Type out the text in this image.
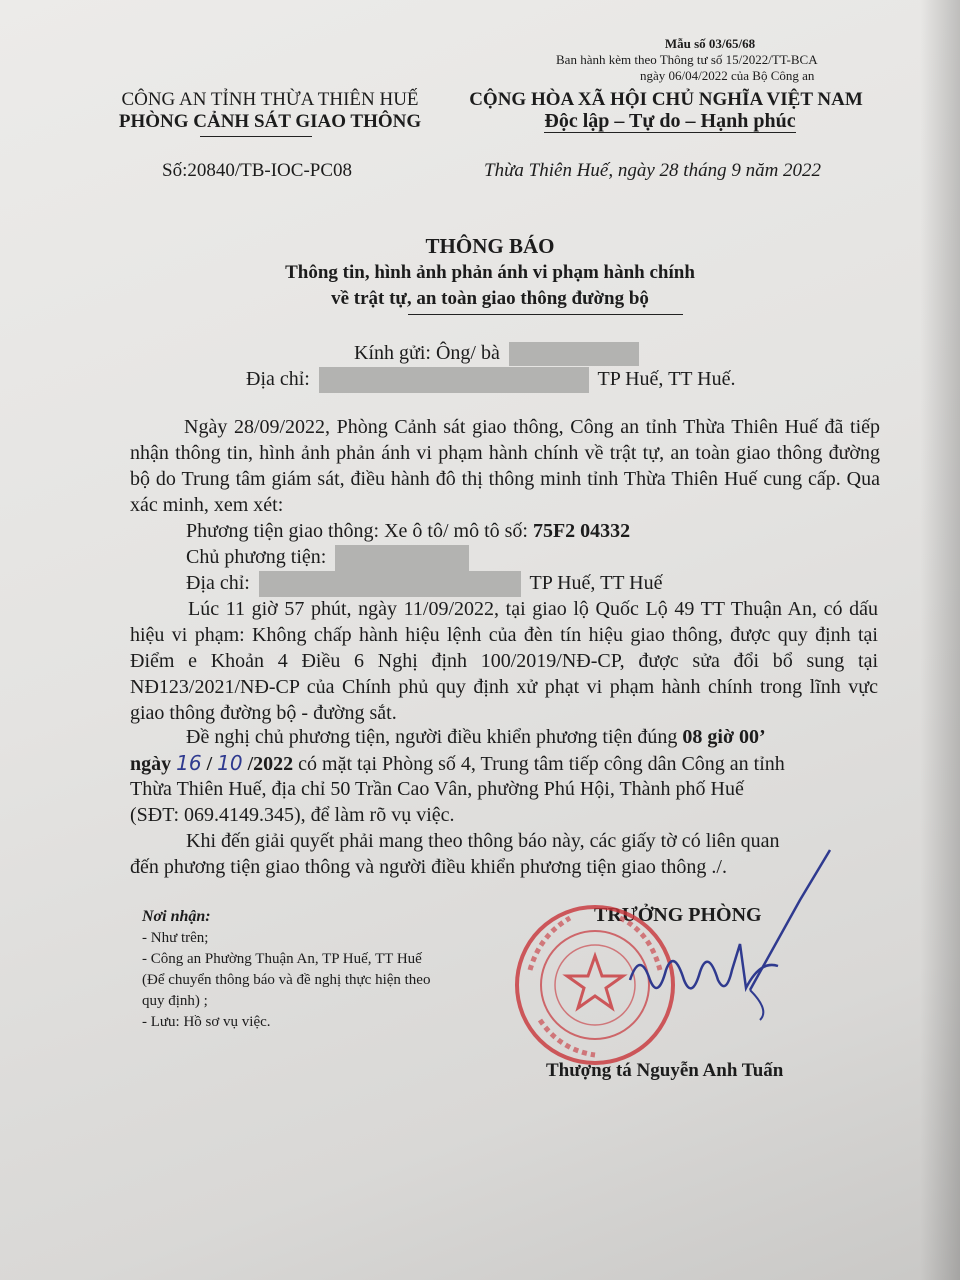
Mẫu số 03/65/68
Ban hành kèm theo Thông tư số 15/2022/TT-BCA
ngày 06/04/2022 của Bộ Công an
CÔNG AN TỈNH THỪA THIÊN HUẾ
PHÒNG CẢNH SÁT GIAO THÔNG
Số:20840/TB-IOC-PC08
CỘNG HÒA XÃ HỘI CHỦ NGHĨA VIỆT NAM
Độc lập – Tự do – Hạnh phúc
Thừa Thiên Huế, ngày 28 tháng 9 năm 2022
THÔNG BÁO
Thông tin, hình ảnh phản ánh vi phạm hành chính
về trật tự, an toàn giao thông đường bộ
Kính gửi: Ông/ bà
Địa chỉ:	TP Huế, TT Huế.
Ngày 28/09/2022, Phòng Cảnh sát giao thông, Công an tỉnh Thừa Thiên Huế đã tiếp nhận thông tin, hình ảnh phản ánh vi phạm hành chính về trật tự, an toàn giao thông đường bộ do Trung tâm giám sát, điều hành đô thị thông minh tỉnh Thừa Thiên Huế cung cấp. Qua xác minh, xem xét:
Phương tiện giao thông: Xe ô tô/ mô tô số: 75F2 04332
Chủ phương tiện:
Địa chỉ:	TP Huế, TT Huế
Lúc 11 giờ 57 phút, ngày 11/09/2022, tại giao lộ Quốc Lộ 49 TT Thuận An, có dấu hiệu vi phạm: Không chấp hành hiệu lệnh của đèn tín hiệu giao thông, được quy định tại Điểm e Khoản 4 Điều 6 Nghị định 100/2019/NĐ-CP, được sửa đổi bổ sung tại NĐ123/2021/NĐ-CP của Chính phủ quy định xử phạt vi phạm hành chính trong lĩnh vực giao thông đường bộ - đường sắt.
Đề nghị chủ phương tiện, người điều khiển phương tiện đúng 08 giờ 00’
ngày 16 / 10 /2022 có mặt tại Phòng số 4, Trung tâm tiếp công dân Công an tỉnh
Thừa Thiên Huế, địa chỉ 50 Trần Cao Vân, phường Phú Hội, Thành phố Huế
(SĐT: 069.4149.345), để làm rõ vụ việc.
Khi đến giải quyết phải mang theo thông báo này, các giấy tờ có liên quan
đến phương tiện giao thông và người điều khiển phương tiện giao thông ./.
Nơi nhận:
- Như trên;
- Công an Phường Thuận An, TP Huế, TT Huế
(Để chuyển thông báo và đề nghị thực hiện theo
quy định) ;
- Lưu: Hồ sơ vụ việc.
TRƯỞNG PHÒNG
Thượng tá Nguyễn Anh Tuấn
